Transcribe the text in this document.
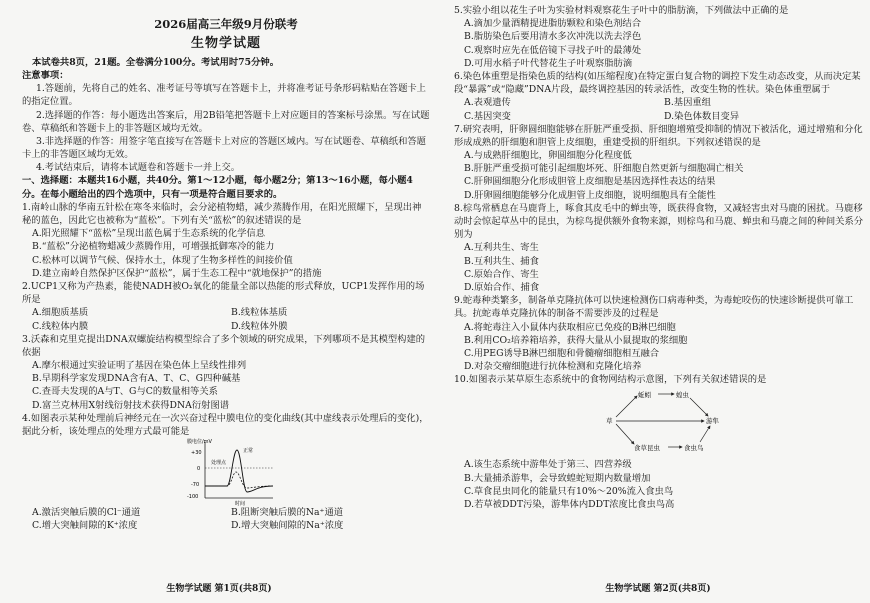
2026届高三年级9月份联考
生物学试题
本试卷共8页，21题。全卷满分100分。考试用时75分钟。
注意事项：
1.答题前，先将自己的姓名、准考证号等填写在答题卡上，并将准考证号条形码粘贴在答题卡上的指定位置。
2.选择题的作答：每小题选出答案后，用2B铅笔把答题卡上对应题目的答案标号涂黑。写在试题卷、草稿纸和答题卡上的非答题区域均无效。
3.非选择题的作答：用签字笔直接写在答题卡上对应的答题区域内。写在试题卷、草稿纸和答题卡上的非答题区域均无效。
4.考试结束后，请将本试题卷和答题卡一并上交。
一、选择题：本题共16小题，共40分。第1～12小题，每小题2分；第13～16小题，每小题4分。在每小题给出的四个选项中，只有一项是符合题目要求的。
1.南岭山脉的华南五针松在寒冬来临时，会分泌植物蜡，减少蒸腾作用，在阳光照耀下，呈现出神秘的蓝色，因此它也被称为“蓝松”。下列有关“蓝松”的叙述错误的是
A.阳光照耀下“蓝松”呈现出蓝色属于生态系统的化学信息
B.“蓝松”分泌植物蜡减少蒸腾作用，可增强抵御寒冷的能力
C.松林可以调节气候、保持水土，体现了生物多样性的间接价值
D.建立南岭自然保护区保护“蓝松”，属于生态工程中“就地保护”的措施
2.UCP1又称为产热素，能使NADH被O₂氧化的能量全部以热能的形式释放，UCP1发挥作用的场所是
A.细胞质基质	B.线粒体基质
C.线粒体内膜	D.线粒体外膜
3.沃森和克里克提出DNA双螺旋结构模型综合了多个领域的研究成果，下列哪项不是其模型构建的依据
A.摩尔根通过实验证明了基因在染色体上呈线性排列
B.早期科学家发现DNA含有A、T、C、G四种碱基
C.查哥夫发现的A与T、G与C的数量相等关系
D.富兰克林用X射线衍射技术获得DNA衍射图谱
4.如图表示某种处理前后神经元在一次兴奋过程中膜电位的变化曲线(其中虚线表示处理后的变化)，据此分析，该处理点的处理方式最可能是
膜电位/mV
+30
0
-70
-100
处理点
正常
时间
A.激活突触后膜的Cl⁻通道	B.阻断突触后膜的Na⁺通道
C.增大突触间隙的K⁺浓度	D.增大突触间隙的Na⁺浓度
生物学试题 第1页(共8页)
5.实验小组以花生子叶为实验材料观察花生子叶中的脂肪滴，下列做法中正确的是
A.滴加少量酒精提进脂肪颗粒和染色剂结合
B.脂肪染色后要用清水多次冲洗以洗去浮色
C.观察时应先在低倍镜下寻找子叶的最薄处
D.可用水稻子叶代替花生子叶观察脂肪滴
6.染色体重塑是指染色质的结构(如压缩程度)在特定蛋白复合物的调控下发生动态改变，从而决定某段“暴露”或“隐藏”DNA片段，最终调控基因的转录活性，改变生物的性状。染色体重塑属于
A.表观遗传	B.基因重组
C.基因突变	D.染色体数目变异
7.研究表明，肝卵圆细胞能够在肝脏严重受损、肝细胞增殖受抑制的情况下被活化，通过增殖和分化形成成熟的肝细胞和胆管上皮细胞，重建受损的肝组织。下列叙述错误的是
A.与成熟肝细胞比，卵圆细胞分化程度低
B.肝脏严重受损可能引起细胞坏死、肝细胞自然更新与细胞凋亡相关
C.肝卵圆细胞分化形成胆管上皮细胞是基因选择性表达的结果
D.肝卵圆细胞能够分化成胆管上皮细胞，说明细胞具有全能性
8.棕鸟常栖息在马鹿背上，啄食其皮毛中的蝉虫等，既获得食物，又减轻害虫对马鹿的困扰。马鹿移动时会惊起草丛中的昆虫，为棕鸟提供额外食物来源，则棕鸟和马鹿、蝉虫和马鹿之间的种间关系分别为
A.互利共生、寄生
B.互利共生、捕食
C.原始合作、寄生
D.原始合作、捕食
9.蛇毒种类繁多，制备单克隆抗体可以快速检测伤口病毒种类，为毒蛇咬伤的快速诊断提供可靠工具。抗蛇毒单克隆抗体的制备不需要涉及的过程是
A.将蛇毒注入小鼠体内获取相应已免疫的B淋巴细胞
B.利用CO₂培养箱培养，获得大量从小鼠提取的浆细胞
C.用PEG诱导B淋巴细胞和骨髓瘤细胞相互融合
D.对杂交瘤细胞进行抗体检测和克隆化培养
10.如图表示某草原生态系统中的食物网结构示意图，下列有关叙述错误的是
蚯蚓	蝗虫
草	游隼
食草昆虫	食虫鸟
A.该生态系统中游隼处于第三、四营养级
B.大量捕杀游隼，会导致蝗蛇短期内数量增加
C.草食昆虫同化的能量只有10%～20%流入食虫鸟
D.若草被DDT污染，游隼体内DDT浓度比食虫鸟高
生物学试题 第2页(共8页)
